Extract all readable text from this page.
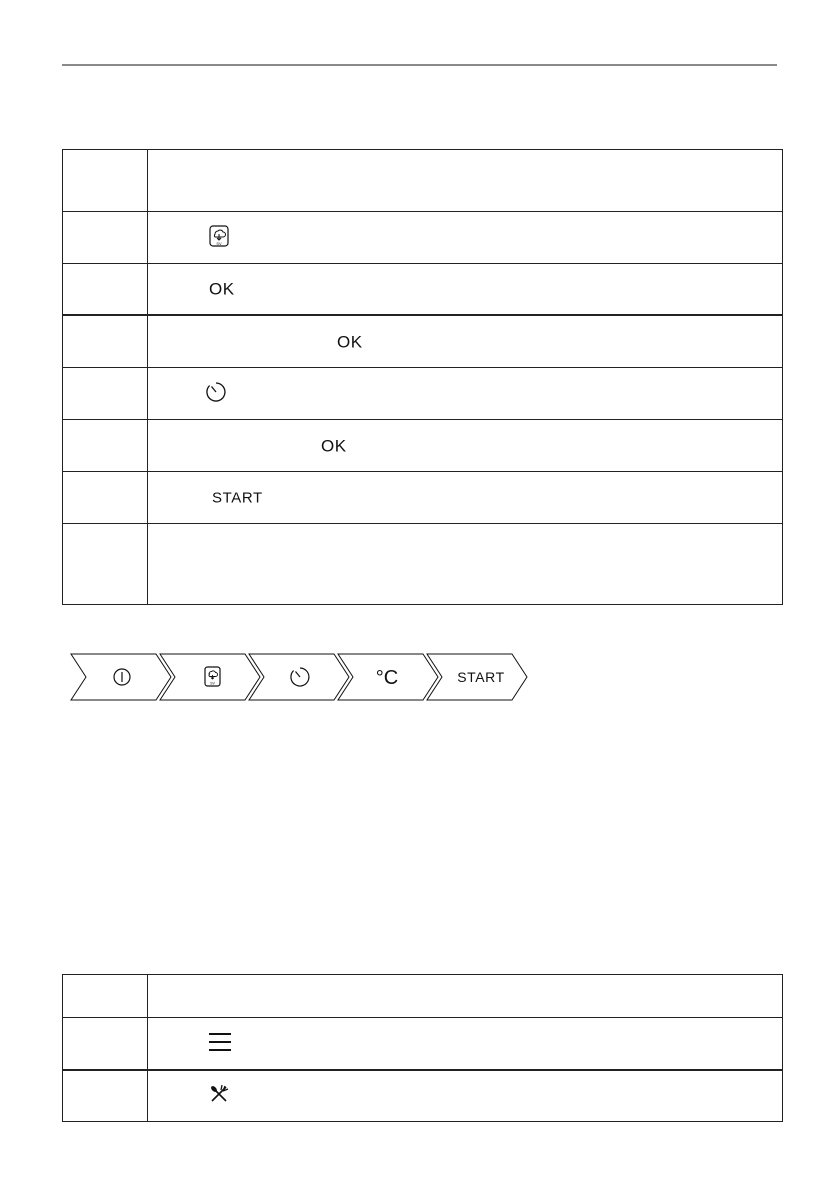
SV

	OK

	OK

	OK

	START

SV	°C	START
